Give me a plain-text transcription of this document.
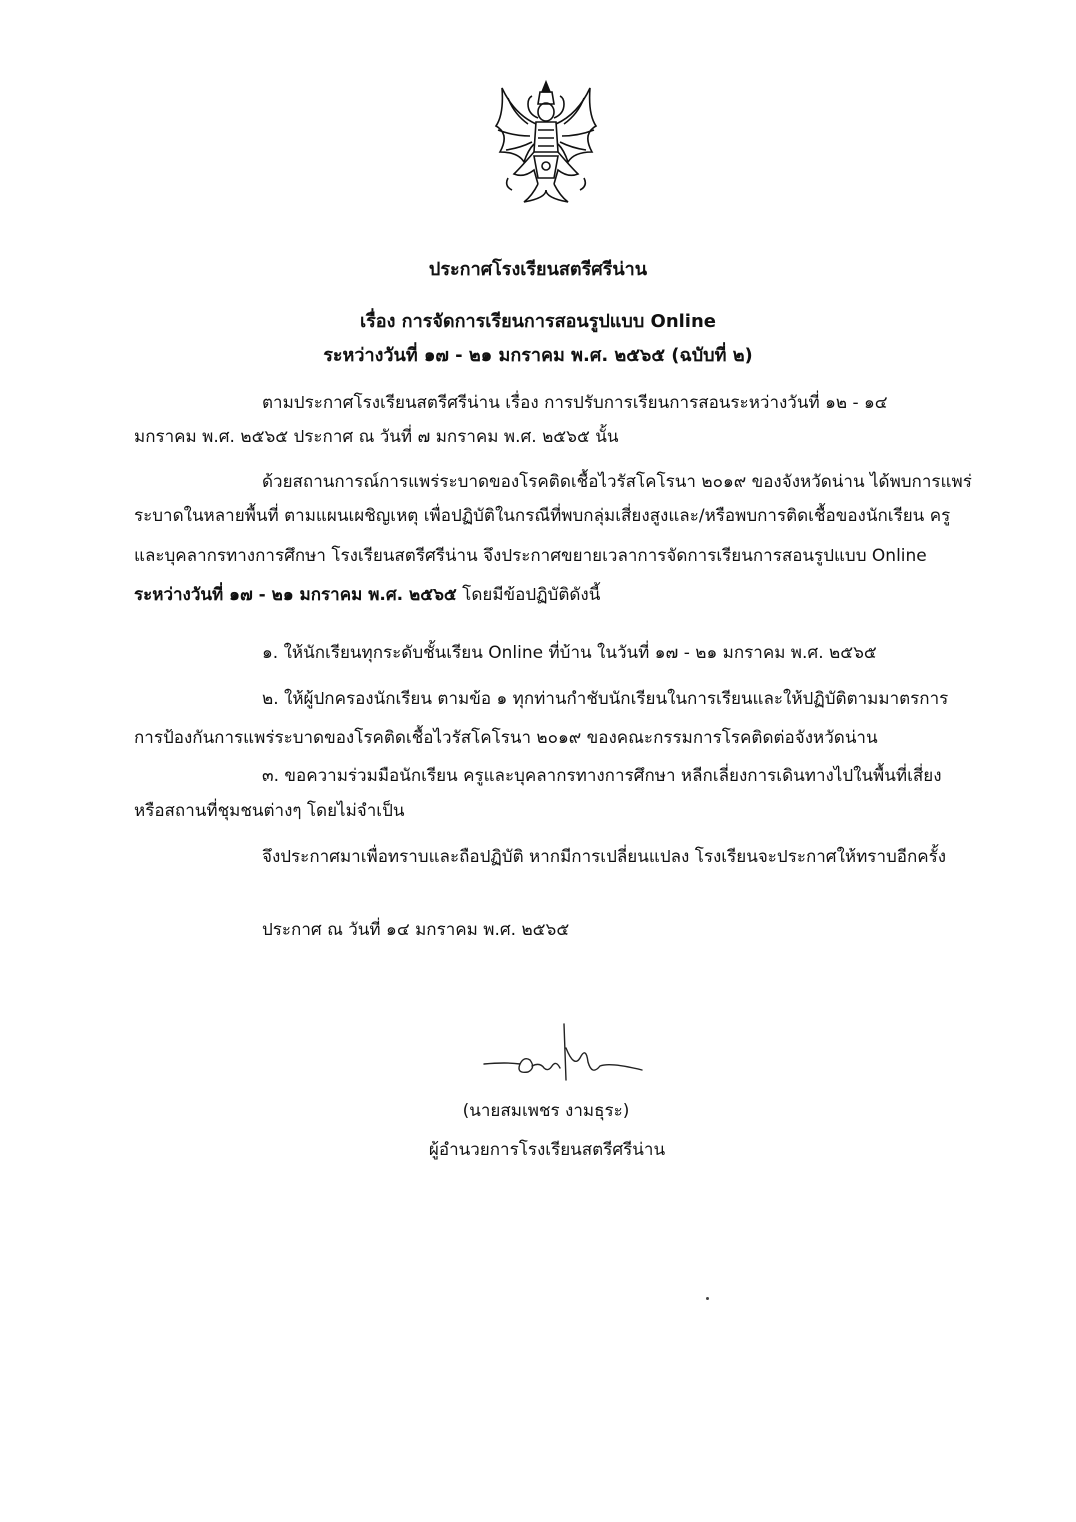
ประกาศโรงเรียนสตรีศรีน่าน
เรื่อง การจัดการเรียนการสอนรูปแบบ Online
ระหว่างวันที่ ๑๗ - ๒๑ มกราคม พ.ศ. ๒๕๖๕ (ฉบับที่ ๒)
ตามประกาศโรงเรียนสตรีศรีน่าน เรื่อง การปรับการเรียนการสอนระหว่างวันที่ ๑๒ - ๑๔
มกราคม พ.ศ. ๒๕๖๕ ประกาศ ณ วันที่ ๗ มกราคม พ.ศ. ๒๕๖๕ นั้น
ด้วยสถานการณ์การแพร่ระบาดของโรคติดเชื้อไวรัสโคโรนา ๒๐๑๙ ของจังหวัดน่าน ได้พบการแพร่
ระบาดในหลายพื้นที่ ตามแผนเผชิญเหตุ เพื่อปฏิบัติในกรณีที่พบกลุ่มเสี่ยงสูงและ/หรือพบการติดเชื้อของนักเรียน ครู
และบุคลากรทางการศึกษา โรงเรียนสตรีศรีน่าน จึงประกาศขยายเวลาการจัดการเรียนการสอนรูปแบบ Online
ระหว่างวันที่ ๑๗ - ๒๑ มกราคม พ.ศ. ๒๕๖๕ โดยมีข้อปฏิบัติดังนี้
๑. ให้นักเรียนทุกระดับชั้นเรียน Online ที่บ้าน ในวันที่ ๑๗ - ๒๑ มกราคม พ.ศ. ๒๕๖๕
๒. ให้ผู้ปกครองนักเรียน ตามข้อ ๑ ทุกท่านกำชับนักเรียนในการเรียนและให้ปฏิบัติตามมาตรการ
การป้องกันการแพร่ระบาดของโรคติดเชื้อไวรัสโคโรนา ๒๐๑๙ ของคณะกรรมการโรคติดต่อจังหวัดน่าน
๓. ขอความร่วมมือนักเรียน ครูและบุคลากรทางการศึกษา หลีกเลี่ยงการเดินทางไปในพื้นที่เสี่ยง
หรือสถานที่ชุมชนต่างๆ โดยไม่จำเป็น
จึงประกาศมาเพื่อทราบและถือปฏิบัติ หากมีการเปลี่ยนแปลง โรงเรียนจะประกาศให้ทราบอีกครั้ง
ประกาศ ณ วันที่ ๑๔ มกราคม พ.ศ. ๒๕๖๕
(นายสมเพชร งามธุระ)
ผู้อำนวยการโรงเรียนสตรีศรีน่าน
